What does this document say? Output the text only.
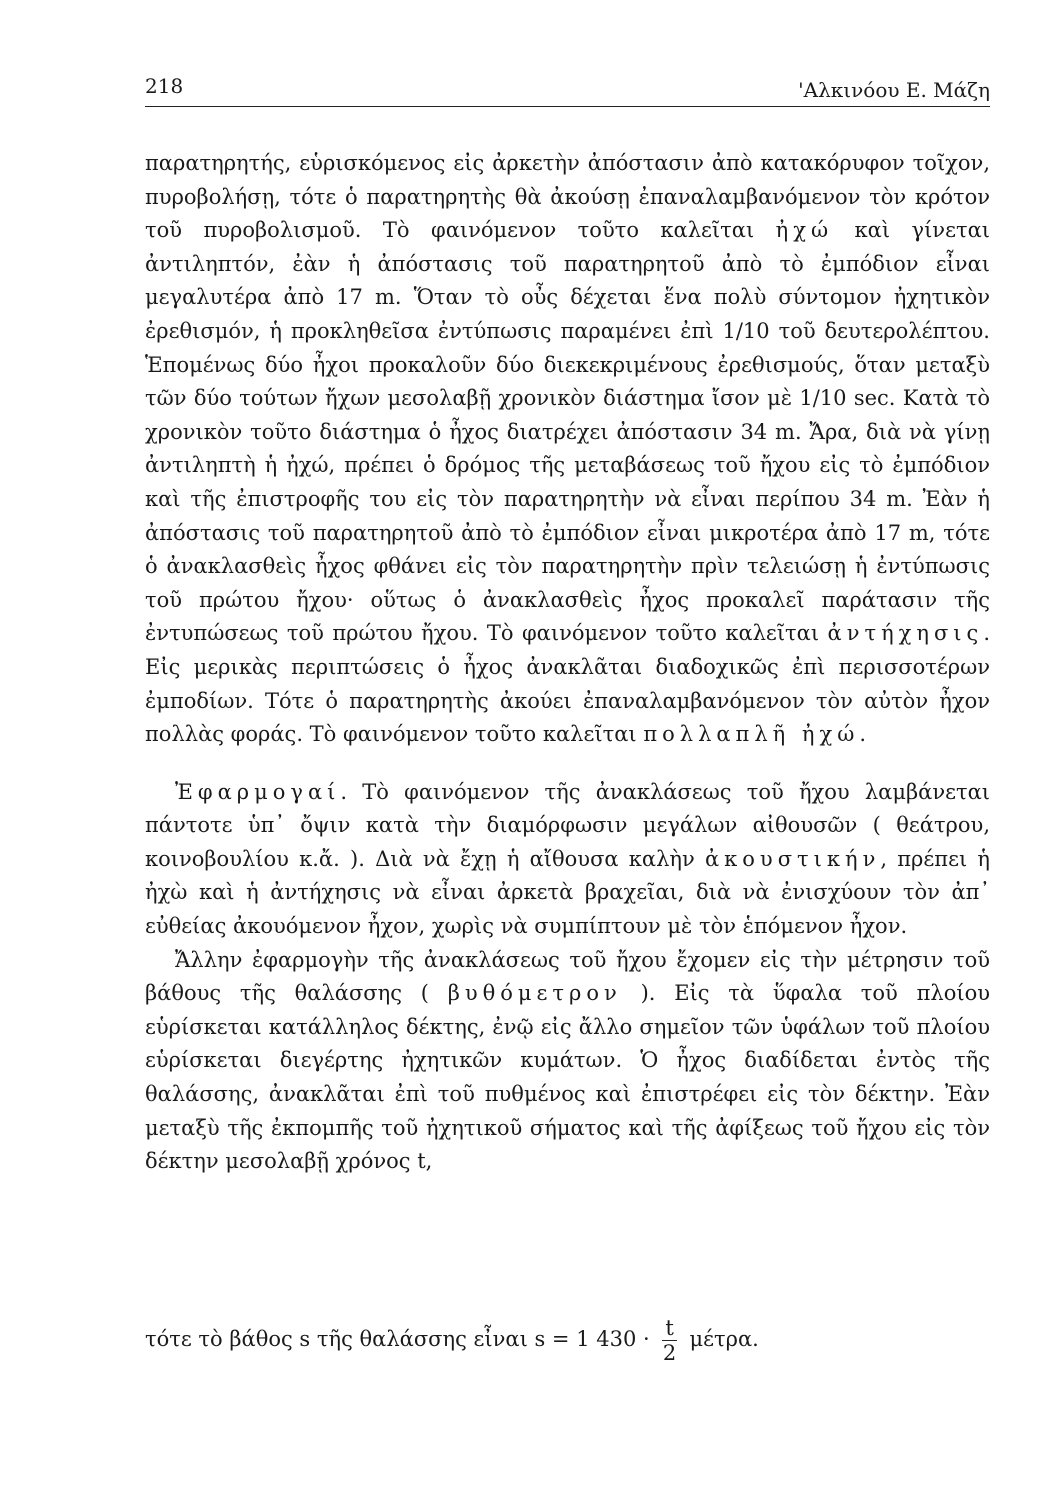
218	'Αλκινόου Ε. Μάζη

παρατηρητής, εὑρισκόμενος εἰς ἀρκετὴν ἀπόστασιν ἀπὸ κατακόρυφον τοῖχον, πυροβολήσῃ, τότε ὁ παρατηρητὴς θὰ ἀκούσῃ ἐπαναλαμβανόμενον τὸν κρότον τοῦ πυροβολισμοῦ. Τὸ φαινόμενον τοῦτο καλεῖται ἠχώ καὶ γίνεται ἀντιληπτόν, ἐὰν ἡ ἀπόστασις τοῦ παρατηρητοῦ ἀπὸ τὸ ἐμπόδιον εἶναι μεγαλυτέρα ἀπὸ 17 m. Ὅταν τὸ οὖς δέχεται ἕνα πολὺ σύντομον ἠχητικὸν ἐρεθισμόν, ἡ προκληθεῖσα ἐντύπωσις παραμένει ἐπὶ 1/10 τοῦ δευτερολέπτου. Ἑπομένως δύο ἦχοι προκαλοῦν δύο διεκεκριμένους ἐρεθισμούς, ὅταν μεταξὺ τῶν δύο τούτων ἤχων μεσολαβῇ χρονικὸν διάστημα ἴσον μὲ 1/10 sec. Κατὰ τὸ χρονικὸν τοῦτο διάστημα ὁ ἦχος διατρέχει ἀπόστασιν 34 m. Ἄρα, διὰ νὰ γίνῃ ἀντιληπτὴ ἡ ἠχώ, πρέπει ὁ δρόμος τῆς μεταβάσεως τοῦ ἤχου εἰς τὸ ἐμπόδιον καὶ τῆς ἐπιστροφῆς του εἰς τὸν παρατηρητὴν νὰ εἶναι περίπου 34 m. Ἐὰν ἡ ἀπόστασις τοῦ παρατηρητοῦ ἀπὸ τὸ ἐμπόδιον εἶναι μικροτέρα ἀπὸ 17 m, τότε ὁ ἀνακλασθεὶς ἦχος φθάνει εἰς τὸν παρατηρητὴν πρὶν τελειώσῃ ἡ ἐντύπωσις τοῦ πρώτου ἤχου· οὕτως ὁ ἀνακλασθεὶς ἦχος προκαλεῖ παράτασιν τῆς ἐντυπώσεως τοῦ πρώτου ἤχου. Τὸ φαινόμενον τοῦτο καλεῖται ἀντήχησις. Εἰς μερικὰς περιπτώσεις ὁ ἦχος ἀνακλᾶται διαδοχικῶς ἐπὶ περισσοτέρων ἐμποδίων. Τότε ὁ παρατηρητὴς ἀκούει ἐπαναλαμβανόμενον τὸν αὐτὸν ἦχον πολλὰς φοράς. Τὸ φαινόμενον τοῦτο καλεῖται πολλαπλῆ ἠχώ.

Ἐφαρμογαί. Τὸ φαινόμενον τῆς ἀνακλάσεως τοῦ ἤχου λαμβάνεται πάντοτε ὑπ᾽ ὄψιν κατὰ τὴν διαμόρφωσιν μεγάλων αἰθουσῶν ( θεάτρου, κοινοβουλίου κ.ἄ. ). Διὰ νὰ ἔχῃ ἡ αἴθουσα καλὴν ἀκουστικήν, πρέπει ἡ ἠχὼ καὶ ἡ ἀντήχησις νὰ εἶναι ἀρκετὰ βραχεῖαι, διὰ νὰ ἐνισχύουν τὸν ἀπ᾽ εὐθείας ἀκουόμενον ἦχον, χωρὶς νὰ συμπίπτουν μὲ τὸν ἑπόμενον ἦχον.

Ἄλλην ἐφαρμογὴν τῆς ἀνακλάσεως τοῦ ἤχου ἔχομεν εἰς τὴν μέτρησιν τοῦ βάθους τῆς θαλάσσης ( βυθόμετρον ). Εἰς τὰ ὕφαλα τοῦ πλοίου εὑρίσκεται κατάλληλος δέκτης, ἐνῷ εἰς ἄλλο σημεῖον τῶν ὑφάλων τοῦ πλοίου εὑρίσκεται διεγέρτης ἠχητικῶν κυμάτων. Ὁ ἦχος διαδίδεται ἐντὸς τῆς θαλάσσης, ἀνακλᾶται ἐπὶ τοῦ πυθμένος καὶ ἐπιστρέφει εἰς τὸν δέκτην. Ἐὰν μεταξὺ τῆς ἐκπομπῆς τοῦ ἠχητικοῦ σήματος καὶ τῆς ἀφίξεως τοῦ ἤχου εἰς τὸν δέκτην μεσολαβῇ χρόνος t,

τότε τὸ βάθος s τῆς θαλάσσης εἶναι s = 1 $430 \cdot \frac{t}{2} \mu έ\tau\rho\alpha$.
